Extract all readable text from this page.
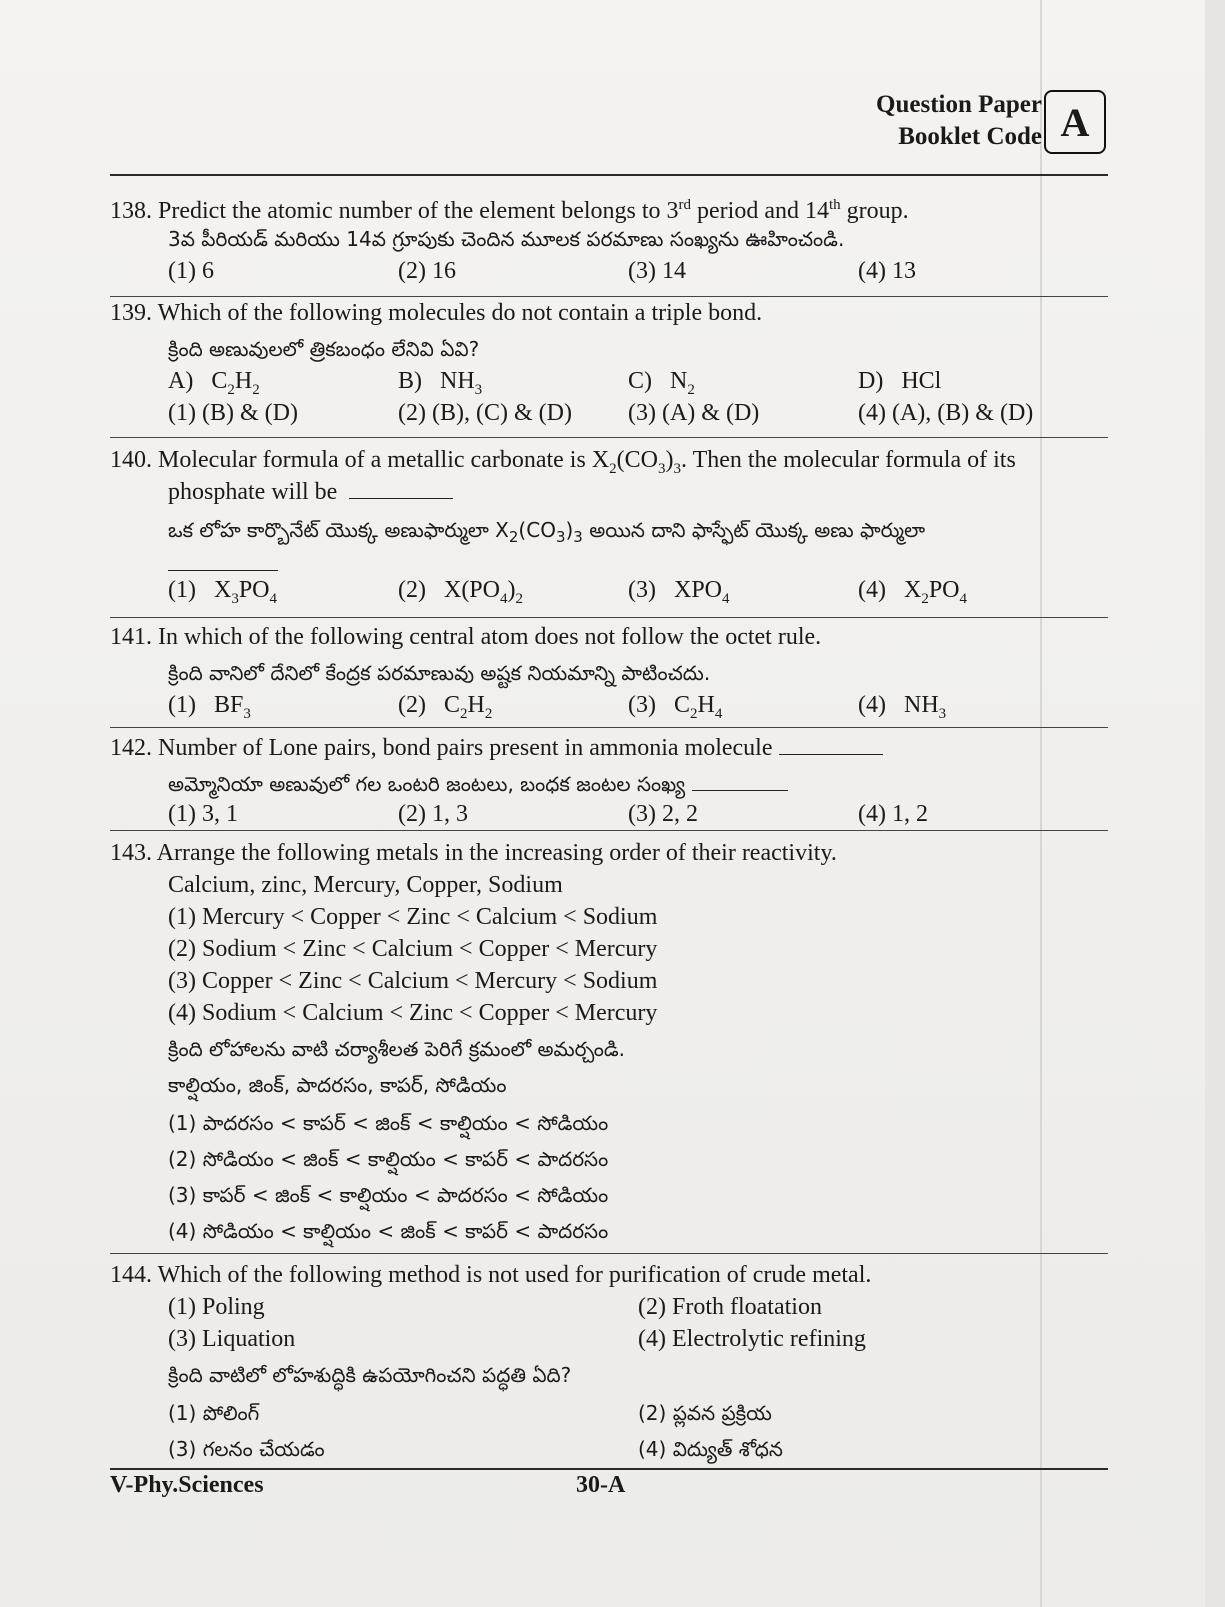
Question Paper
Booklet Code A
138. Predict the atomic number of the element belongs to 3rd period and 14th group.
3వ పీరియడ్ మరియు 14వ గ్రూపుకు చెందిన మూలక పరమాణు సంఖ్యను ఊహించండి.
(1) 6	(2) 16	(3) 14	(4) 13
139. Which of the following molecules do not contain a triple bond.
క్రింది అణువులలో త్రికబంధం లేనివి ఏవి?
A) $C_2H_2$	B) $NH_3$	C) $N_2$	D) HCl
(1) (B) & (D)	(2) (B), (C) & (D) (3) (A) & (D)	(4) (A), (B) & (D)
140. Molecular formula of a metallic carbonate is $X_2(CO_3)_3$. Then the molecular formula of its
phosphate will be
ఒక లోహ కార్బొనేట్ యొక్క అణుఫార్ములా $X_2(CO_3)_3$ అయిన దాని ఫాస్ఫేట్ యొక్క అణు ఫార్ములా
(1) $X_3PO_4$	(2) $X(PO_4)_2$	(3) $XPO_4$	(4) $X_2PO_4$
141. In which of the following central atom does not follow the octet rule.
క్రింది వానిలో దేనిలో కేంద్రక పరమాణువు అష్టక నియమాన్ని పాటించదు.
(1) $BF_3$	(2) $C_2H_2$	(3) $C_2H_4$	(4) $NH_3$
142. Number of Lone pairs, bond pairs present in ammonia molecule
అమ్మోనియా అణువులో గల ఒంటరి జంటలు, బంధక జంటల సంఖ్య
(1) 3, 1	(2) 1, 3	(3) 2, 2	(4) 1, 2
143. Arrange the following metals in the increasing order of their reactivity.
Calcium, zinc, Mercury, Copper, Sodium
(1) Mercury < Copper < Zinc < Calcium < Sodium
(2) Sodium < Zinc < Calcium < Copper < Mercury
(3) Copper < Zinc < Calcium < Mercury < Sodium
(4) Sodium < Calcium < Zinc < Copper < Mercury
క్రింది లోహాలను వాటి చర్యాశీలత పెరిగే క్రమంలో అమర్చండి.
కాల్షియం, జింక్, పాదరసం, కాపర్, సోడియం
(1) పాదరసం < కాపర్ < జింక్ < కాల్షియం < సోడియం
(2) సోడియం < జింక్ < కాల్షియం < కాపర్ < పాదరసం
(3) కాపర్ < జింక్ < కాల్షియం < పాదరసం < సోడియం
(4) సోడియం < కాల్షియం < జింక్ < కాపర్ < పాదరసం
144. Which of the following method is not used for purification of crude metal.
(1) Poling	(2) Froth floatation
(3) Liquation	(4) Electrolytic refining
క్రింది వాటిలో లోహశుద్ధికి ఉపయోగించని పద్ధతి ఏది?
(1) పోలింగ్	(2) ప్లవన ప్రక్రియ
(3) గలనం చేయడం	(4) విద్యుత్ శోధన
V-Phy.Sciences	30-A
